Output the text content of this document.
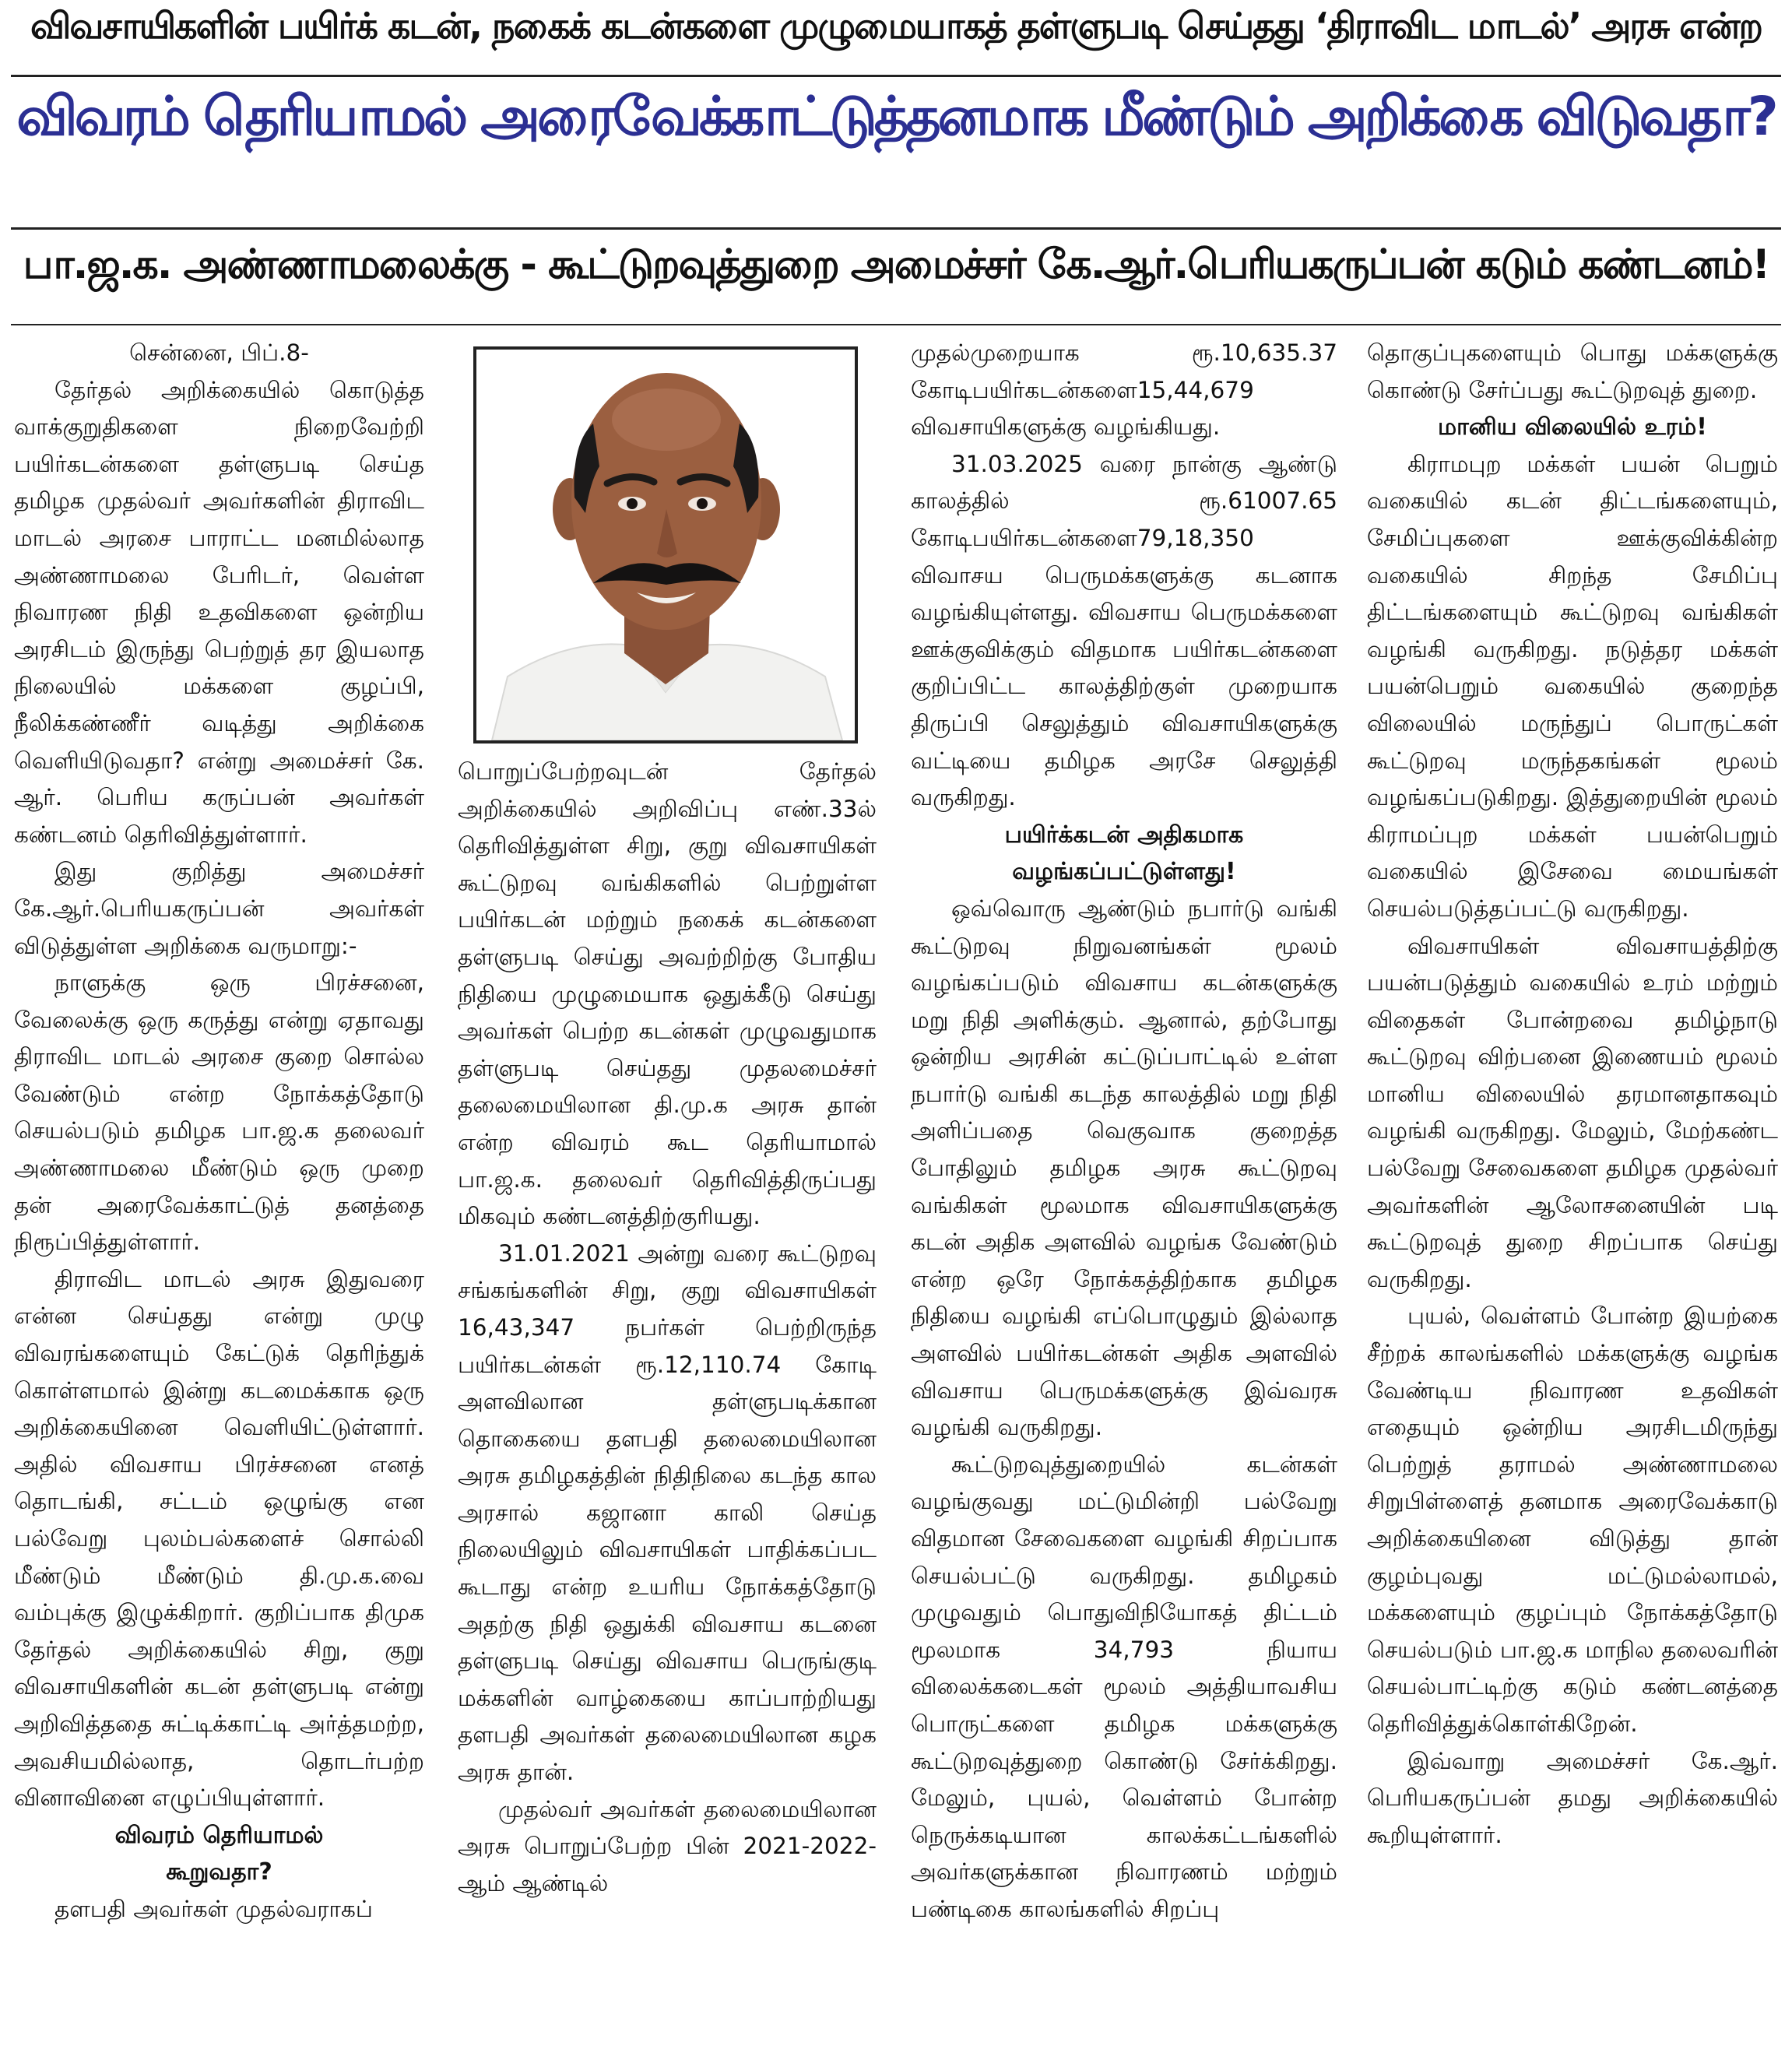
விவசாயிகளின் பயிர்க் கடன், நகைக் கடன்களை முழுமையாகத் தள்ளுபடி செய்தது ‘திராவிட மாடல்’ அரசு என்ற
விவரம் தெரியாமல் அரைவேக்காட்டுத்தனமாக மீண்டும் அறிக்கை விடுவதா?
பா.ஜ.க. அண்ணாமலைக்கு - கூட்டுறவுத்துறை அமைச்சர் கே.ஆர்.பெரியகருப்பன் கடும் கண்டனம்!

சென்னை, பிப்.8-

தேர்தல் அறிக்கையில் கொடுத்த வாக்குறுதிகளை நிறைவேற்றி பயிர்கடன்களை தள்ளுபடி செய்த தமிழக முதல்வர் அவர்களின் திராவிட மாடல் அரசை பாராட்ட மனமில்லாத அண்ணாமலை பேரிடர், வெள்ள நிவாரண நிதி உதவிகளை ஒன்றிய அரசிடம் இருந்து பெற்றுத் தர இயலாத நிலையில் மக்களை குழப்பி, நீலிக்கண்ணீர் வடித்து அறிக்கை வெளியிடுவதா? என்று அமைச்சர் கே. ஆர். பெரிய கருப்பன் அவர்கள் கண்டனம் தெரிவித்துள்ளார்.

இது குறித்து அமைச்சர் கே.ஆர்.பெரியகருப்பன் அவர்கள் விடுத்துள்ள அறிக்கை வருமாறு:-

நாளுக்கு ஒரு பிரச்சனை, வேலைக்கு ஒரு கருத்து என்று ஏதாவது திராவிட மாடல் அரசை குறை சொல்ல வேண்டும் என்ற நோக்கத்தோடு செயல்படும் தமிழக பா.ஜ.க தலைவர் அண்ணாமலை மீண்டும் ஒரு முறை தன் அரைவேக்காட்டுத் தனத்தை நிரூப்பித்துள்ளார்.

திராவிட மாடல் அரசு இதுவரை என்ன செய்தது என்று முழு விவரங்களையும் கேட்டுக் தெரிந்துக் கொள்ளமால் இன்று கடமைக்காக ஒரு அறிக்கையினை வெளியிட்டுள்ளார். அதில் விவசாய பிரச்சனை எனத் தொடங்கி, சட்டம் ஒழுங்கு என பல்வேறு புலம்பல்களைச் சொல்லி மீண்டும் மீண்டும் தி.மு.க.வை வம்புக்கு இழுக்கிறார். குறிப்பாக திமுக தேர்தல் அறிக்கையில் சிறு, குறு விவசாயிகளின் கடன் தள்ளுபடி என்று அறிவித்ததை சுட்டிக்காட்டி அர்த்தமற்ற, அவசியமில்லாத, தொடர்பற்ற வினாவினை எழுப்பியுள்ளார்.

விவரம் தெரியாமல்
கூறுவதா?

தளபதி அவர்கள் முதல்வராகப்

பொறுப்பேற்றவுடன் தேர்தல் அறிக்கையில் அறிவிப்பு எண்.33ல் தெரிவித்துள்ள சிறு, குறு விவசாயிகள் கூட்டுறவு வங்கிகளில் பெற்றுள்ள பயிர்கடன் மற்றும் நகைக் கடன்களை தள்ளுபடி செய்து அவற்றிற்கு போதிய நிதியை முழுமையாக ஒதுக்கீடு செய்து அவர்கள் பெற்ற கடன்கள் முழுவதுமாக தள்ளுபடி செய்தது முதலமைச்சர் தலைமையிலான தி.மு.க அரசு தான் என்ற விவரம் கூட தெரியாமால் பா.ஜ.க. தலைவர் தெரிவித்திருப்பது மிகவும் கண்டனத்திற்குரியது.

31.01.2021 அன்று வரை கூட்டுறவு சங்கங்களின் சிறு, குறு விவசாயிகள் 16,43,347 நபர்கள் பெற்றிருந்த பயிர்கடன்கள் ரூ.12,110.74 கோடி அளவிலான தள்ளுபடிக்கான தொகையை தளபதி தலைமையிலான அரசு தமிழகத்தின் நிதிநிலை கடந்த கால அரசால் கஜானா காலி செய்த நிலையிலும் விவசாயிகள் பாதிக்கப்பட கூடாது என்ற உயரிய நோக்கத்தோடு அதற்கு நிதி ஒதுக்கி விவசாய கடனை தள்ளுபடி செய்து விவசாய பெருங்குடி மக்களின் வாழ்கையை காப்பாற்றியது தளபதி அவர்கள் தலைமையிலான கழக அரசு தான்.

முதல்வர் அவர்கள் தலைமையிலான அரசு பொறுப்பேற்ற பின் 2021-2022-ஆம் ஆண்டில்

முதல்முறையாக ரூ.10,635.37 கோடிபயிர்கடன்களை15,44,679 விவசாயிகளுக்கு வழங்கியது.

31.03.2025 வரை நான்கு ஆண்டு காலத்தில் ரூ.61007.65 கோடிபயிர்கடன்களை79,18,350 விவாசய பெருமக்களுக்கு கடனாக வழங்கியுள்ளது. விவசாய பெருமக்களை ஊக்குவிக்கும் விதமாக பயிர்கடன்களை குறிப்பிட்ட காலத்திற்குள் முறையாக திருப்பி செலுத்தும் விவசாயிகளுக்கு வட்டியை தமிழக அரசே செலுத்தி வருகிறது.

பயிர்க்கடன் அதிகமாக
வழங்கப்பட்டுள்ளது!

ஒவ்வொரு ஆண்டும் நபார்டு வங்கி கூட்டுறவு நிறுவனங்கள் மூலம் வழங்கப்படும் விவசாய கடன்களுக்கு மறு நிதி அளிக்கும். ஆனால், தற்போது ஒன்றிய அரசின் கட்டுப்பாட்டில் உள்ள நபார்டு வங்கி கடந்த காலத்தில் மறு நிதி அளிப்பதை வெகுவாக குறைத்த போதிலும் தமிழக அரசு கூட்டுறவு வங்கிகள் மூலமாக விவசாயிகளுக்கு கடன் அதிக அளவில் வழங்க வேண்டும் என்ற ஒரே நோக்கத்திற்காக தமிழக நிதியை வழங்கி எப்பொழுதும் இல்லாத அளவில் பயிர்கடன்கள் அதிக அளவில் விவசாய பெருமக்களுக்கு இவ்வரசு வழங்கி வருகிறது.

கூட்டுறவுத்துறையில் கடன்கள் வழங்குவது மட்டுமின்றி பல்வேறு விதமான சேவைகளை வழங்கி சிறப்பாக செயல்பட்டு வருகிறது. தமிழகம் முழுவதும் பொதுவிநியோகத் திட்டம் மூலமாக 34,793 நியாய விலைக்கடைகள் மூலம் அத்தியாவசிய பொருட்களை தமிழக மக்களுக்கு கூட்டுறவுத்துறை கொண்டு சேர்க்கிறது. மேலும், புயல், வெள்ளம் போன்ற நெருக்கடியான காலக்கட்டங்களில் அவர்களுக்கான நிவாரணம் மற்றும் பண்டிகை காலங்களில் சிறப்பு

தொகுப்புகளையும் பொது மக்களுக்கு கொண்டு சேர்ப்பது கூட்டுறவுத் துறை.

மானிய விலையில் உரம்!

கிராமபுற மக்கள் பயன் பெறும் வகையில் கடன் திட்டங்களையும், சேமிப்புகளை ஊக்குவிக்கின்ற வகையில் சிறந்த சேமிப்பு திட்டங்களையும் கூட்டுறவு வங்கிகள் வழங்கி வருகிறது. நடுத்தர மக்கள் பயன்பெறும் வகையில் குறைந்த விலையில் மருந்துப் பொருட்கள் கூட்டுறவு மருந்தகங்கள் மூலம் வழங்கப்படுகிறது. இத்துறையின் மூலம் கிராமப்புற மக்கள் பயன்பெறும் வகையில் இசேவை மையங்கள் செயல்படுத்தப்பட்டு வருகிறது.

விவசாயிகள் விவசாயத்திற்கு பயன்படுத்தும் வகையில் உரம் மற்றும் விதைகள் போன்றவை தமிழ்நாடு கூட்டுறவு விற்பனை இணையம் மூலம் மானிய விலையில் தரமானதாகவும் வழங்கி வருகிறது. மேலும், மேற்கண்ட பல்வேறு சேவைகளை தமிழக முதல்வர் அவர்களின் ஆலோசனையின் படி கூட்டுறவுத் துறை சிறப்பாக செய்து வருகிறது.

புயல், வெள்ளம் போன்ற இயற்கை சீற்றக் காலங்களில் மக்களுக்கு வழங்க வேண்டிய நிவாரண உதவிகள் எதையும் ஒன்றிய அரசிடமிருந்து பெற்றுத் தராமல் அண்ணாமலை சிறுபிள்ளைத் தனமாக அரைவேக்காடு அறிக்கையினை விடுத்து தான் குழம்புவது மட்டுமல்லாமல், மக்களையும் குழப்பும் நோக்கத்தோடு செயல்படும் பா.ஜ.க மாநில தலைவரின் செயல்பாட்டிற்கு கடும் கண்டனத்தை தெரிவித்துக்கொள்கிறேன்.

இவ்வாறு அமைச்சர் கே.ஆர். பெரியகருப்பன் தமது அறிக்கையில் கூறியுள்ளார்.
